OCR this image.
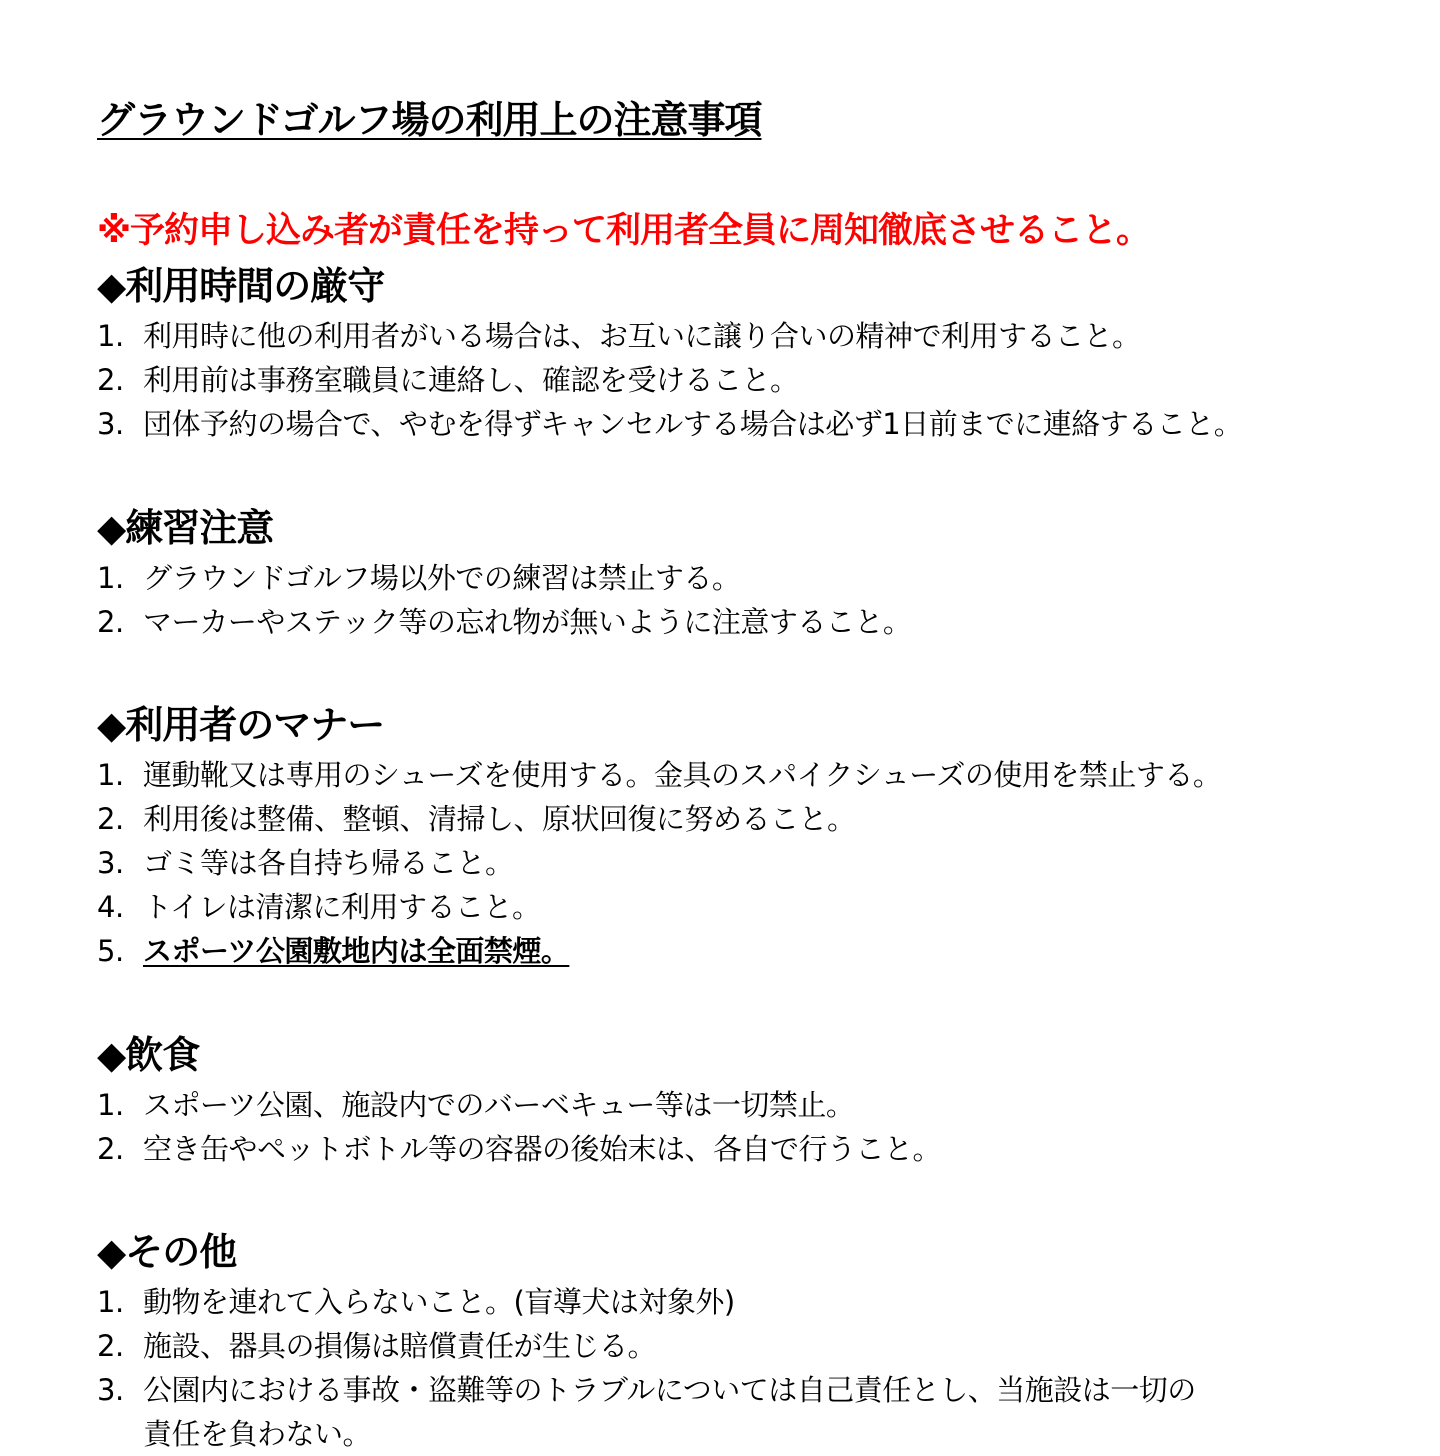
グラウンドゴルフ場の利用上の注意事項
※予約申し込み者が責任を持って利用者全員に周知徹底させること。
◆利用時間の厳守
1. 利用時に他の利用者がいる場合は、お互いに譲り合いの精神で利用すること。
2. 利用前は事務室職員に連絡し、確認を受けること。
3. 団体予約の場合で、やむを得ずキャンセルする場合は必ず1日前までに連絡すること。
◆練習注意
1. グラウンドゴルフ場以外での練習は禁止する。
2. マーカーやステック等の忘れ物が無いように注意すること。
◆利用者のマナー
1. 運動靴又は専用のシューズを使用する。金具のスパイクシューズの使用を禁止する。
2. 利用後は整備、整頓、清掃し、原状回復に努めること。
3. ゴミ等は各自持ち帰ること。
4. トイレは清潔に利用すること。
5. スポーツ公園敷地内は全面禁煙。
◆飲食
1. スポーツ公園、施設内でのバーベキュー等は一切禁止。
2. 空き缶やペットボトル等の容器の後始末は、各自で行うこと。
◆その他
1. 動物を連れて入らないこと。(盲導犬は対象外)
2. 施設、器具の損傷は賠償責任が生じる。
3. 公園内における事故・盗難等のトラブルについては自己責任とし、当施設は一切の
責任を負わない。
